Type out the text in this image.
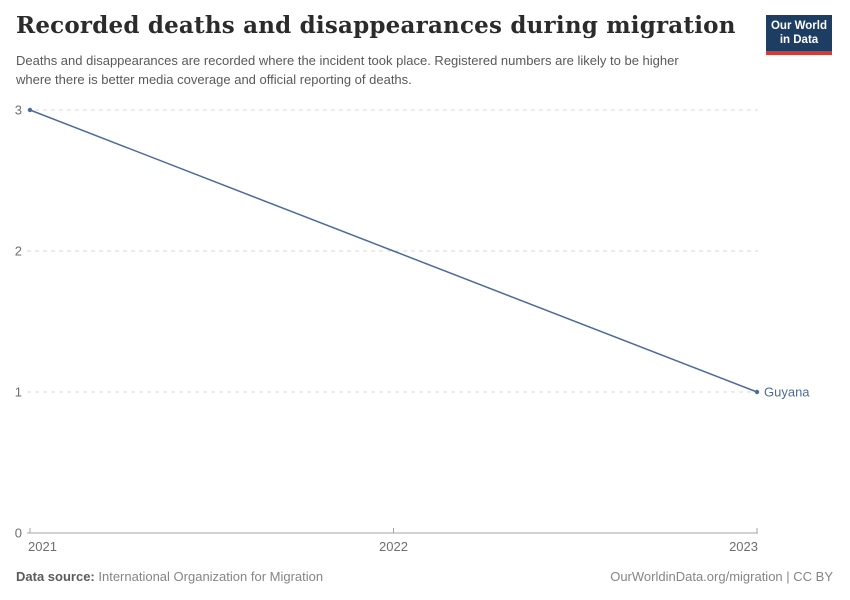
Recorded deaths and disappearances during migration	Our World
in Data

Deaths and disappearances are recorded where the incident took place. Registered numbers are likely to be higher where there is better media coverage and official reporting of deaths.

0
1
2
3
2021	2022	2023
Guyana
Data source: International Organization for Migration	OurWorldinData.org/migration | CC BY
